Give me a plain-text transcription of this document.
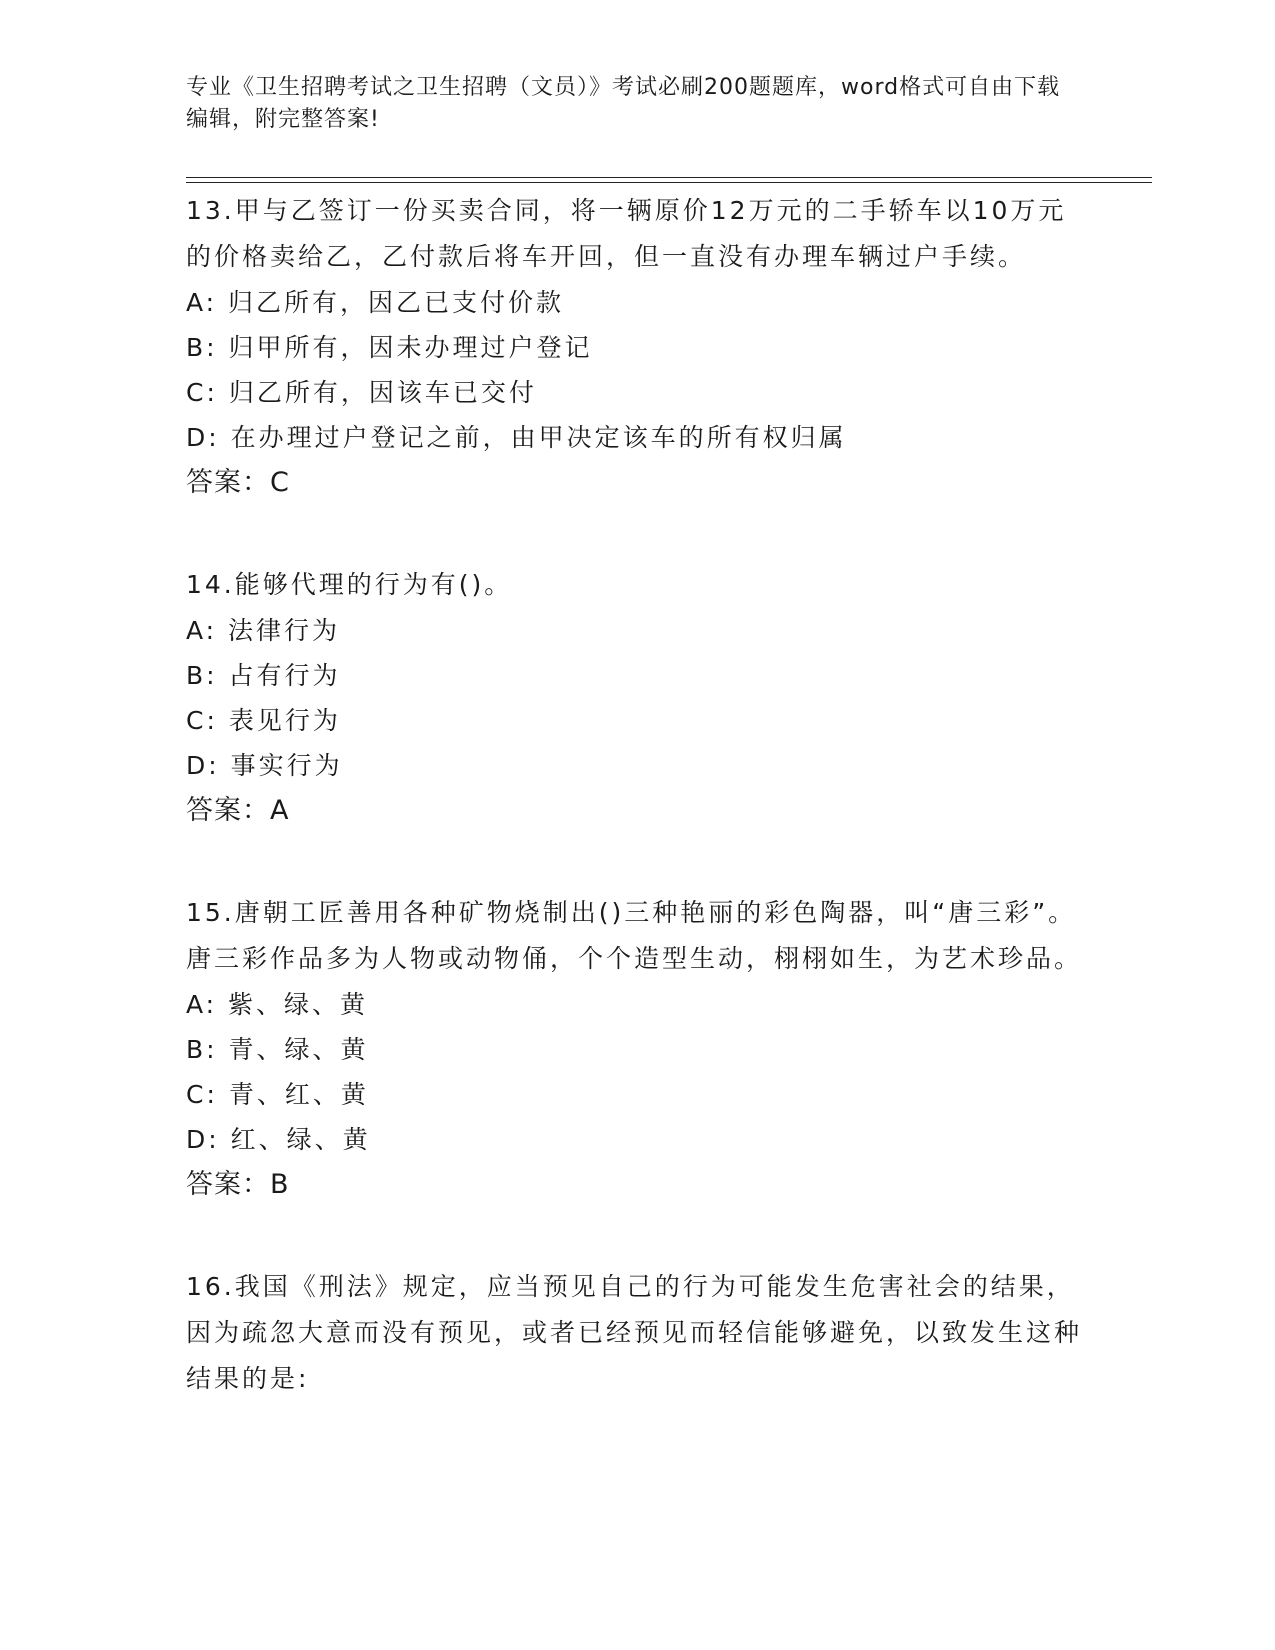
专业《卫生招聘考试之卫生招聘（文员）》考试必刷200题题库，word格式可自由下载编辑，附完整答案!

13.甲与乙签订一份买卖合同，将一辆原价12万元的二手轿车以10万元的价格卖给乙，乙付款后将车开回，但一直没有办理车辆过户手续。

A: 归乙所有，因乙已支付价款

B: 归甲所有，因未办理过户登记

C: 归乙所有，因该车已交付

D: 在办理过户登记之前，由甲决定该车的所有权归属

答案：C

14.能够代理的行为有()。

A: 法律行为

B: 占有行为

C: 表见行为

D: 事实行为

答案：A

15.唐朝工匠善用各种矿物烧制出()三种艳丽的彩色陶器，叫“唐三彩”。唐三彩作品多为人物或动物俑，个个造型生动，栩栩如生，为艺术珍品。

A: 紫、绿、黄

B: 青、绿、黄

C: 青、红、黄

D: 红、绿、黄

答案：B

16.我国《刑法》规定，应当预见自己的行为可能发生危害社会的结果，因为疏忽大意而没有预见，或者已经预见而轻信能够避免，以致发生这种结果的是:
